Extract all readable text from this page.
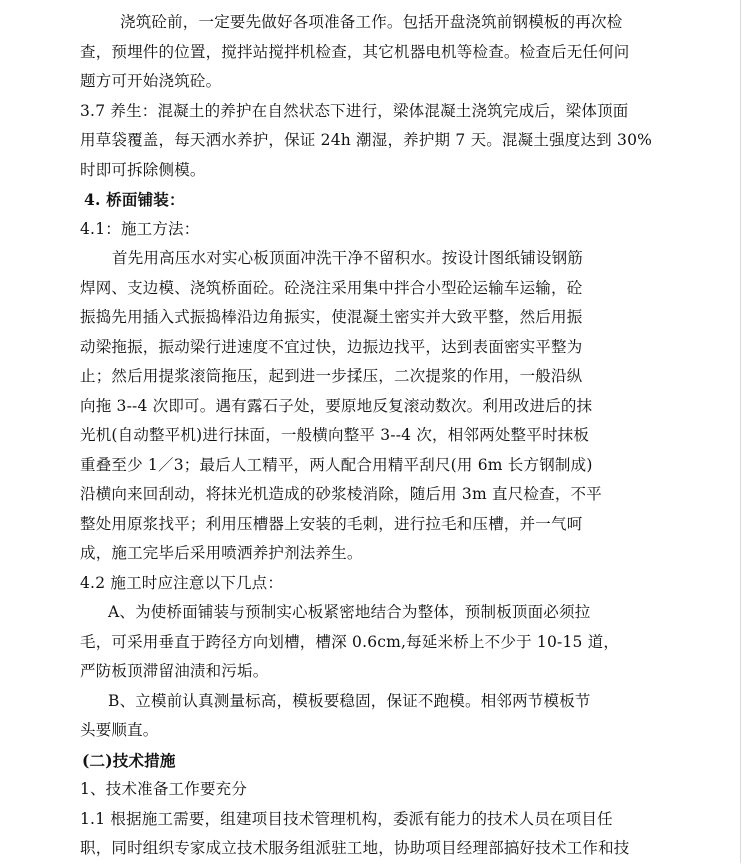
浇筑砼前，一定要先做好各项准备工作。包括开盘浇筑前钢模板的再次检
查，预埋件的位置，搅拌站搅拌机检查，其它机器电机等检查。检查后无任何问
题方可开始浇筑砼。
3.7 养生：混凝土的养护在自然状态下进行，梁体混凝土浇筑完成后，梁体顶面
用草袋覆盖，每天洒水养护，保证 24h 潮湿，养护期 7 天。混凝土强度达到 30%
时即可拆除侧模。
4. 桥面铺装：
4.1：施工方法：
首先用高压水对实心板顶面冲洗干净不留积水。按设计图纸铺设钢筋
焊网、支边模、浇筑桥面砼。砼浇注采用集中拌合小型砼运输车运输，砼
振捣先用插入式振捣棒沿边角振实，使混凝土密实并大致平整，然后用振
动梁拖振，振动梁行进速度不宜过快，边振边找平，达到表面密实平整为
止；然后用提浆滚筒拖压，起到进一步揉压，二次提浆的作用，一般沿纵
向拖 3--4 次即可。遇有露石子处，要原地反复滚动数次。利用改进后的抹
光机(自动整平机)进行抹面，一般横向整平 3--4 次，相邻两处整平时抹板
重叠至少 1／3；最后人工精平，两人配合用精平刮尺(用 6m 长方钢制成)
沿横向来回刮动，将抹光机造成的砂浆棱消除，随后用 3m 直尺检查，不平
整处用原浆找平；利用压槽器上安装的毛刺，进行拉毛和压槽，并一气呵
成，施工完毕后采用喷洒养护剂法养生。
4.2 施工时应注意以下几点：
A、为使桥面铺装与预制实心板紧密地结合为整体，预制板顶面必须拉
毛，可采用垂直于跨径方向划槽，槽深 0.6cm,每延米桥上不少于 10-15 道，
严防板顶滞留油渍和污垢。
B、立模前认真测量标高，模板要稳固，保证不跑模。相邻两节模板节
头要顺直。
(二)技术措施
1、技术准备工作要充分
1.1 根据施工需要，组建项目技术管理机构，委派有能力的技术人员在项目任
职，同时组织专家成立技术服务组派驻工地，协助项目经理部搞好技术工作和技
